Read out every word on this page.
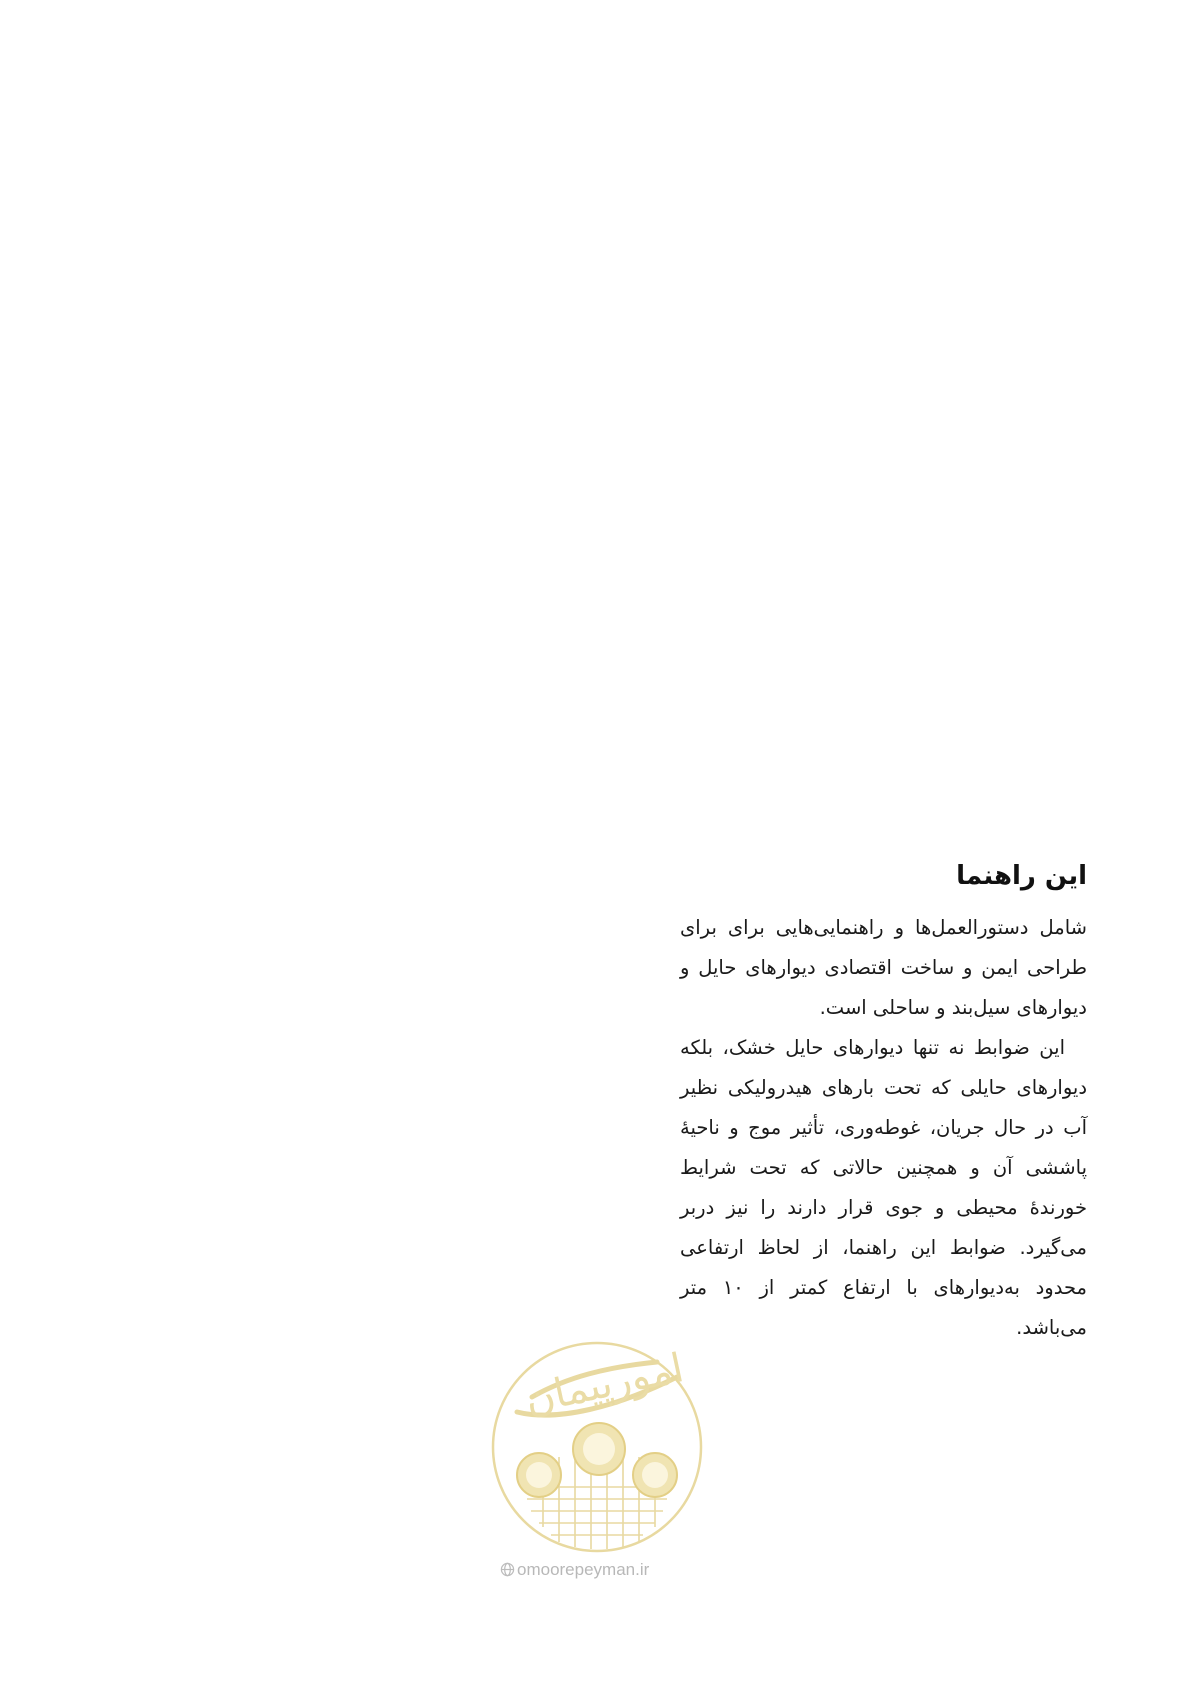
این راهنما

شامل دستورالعمل‌ها و راهنمایی‌هایی برای برای طراحی ایمن و ساخت اقتصادی دیوارهای حایل و دیوارهای سیل‌بند و ساحلی است.

این ضوابط نه تنها دیوارهای حایل خشک، بلکه دیوارهای حایلی که تحت بارهای هیدرولیکی نظیر آب در حال جریان، غوطه‌وری، تأثیر موج و ناحیۀ پاششی آن و همچنین حالاتی که تحت شرایط خورندۀ محیطی و جوی قرار دارند را نیز دربر می‌گیرد. ضوابط این راهنما، از لحاظ ارتفاعی محدود به‌دیوارهای با ارتفاع کمتر از ۱۰ متر می‌باشد.

امورپیمان
omoorepeyman.ir
